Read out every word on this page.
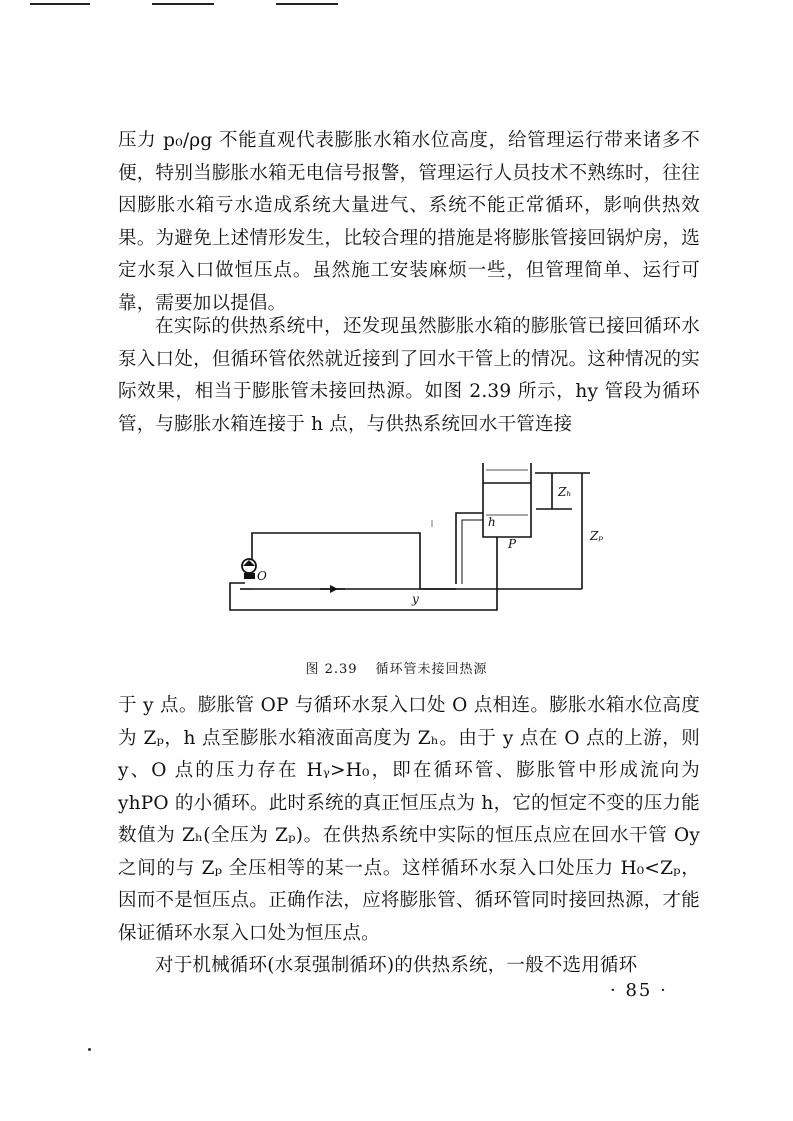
压力 p₀/ρg 不能直观代表膨胀水箱水位高度，给管理运行带来诸多不便，特别当膨胀水箱无电信号报警，管理运行人员技术不熟练时，往往因膨胀水箱亏水造成系统大量进气、系统不能正常循环，影响供热效果。为避免上述情形发生，比较合理的措施是将膨胀管接回锅炉房，选定水泵入口做恒压点。虽然施工安装麻烦一些，但管理简单、运行可靠，需要加以提倡。

在实际的供热系统中，还发现虽然膨胀水箱的膨胀管已接回循环水泵入口处，但循环管依然就近接到了回水干管上的情况。这种情况的实际效果，相当于膨胀管未接回热源。如图 2.39 所示，hy 管段为循环管，与膨胀水箱连接于 h 点，与供热系统回水干管连接

Zₕ
Zₚ
h
P
O
y
图 2.39 循环管未接回热源

于 y 点。膨胀管 OP 与循环水泵入口处 O 点相连。膨胀水箱水位高度为 Zₚ，h 点至膨胀水箱液面高度为 Zₕ。由于 y 点在 O 点的上游，则 y、O 点的压力存在 Hᵧ>H₀，即在循环管、膨胀管中形成流向为 yhPO 的小循环。此时系统的真正恒压点为 h，它的恒定不变的压力能数值为 Zₕ(全压为 Zₚ)。在供热系统中实际的恒压点应在回水干管 Oy 之间的与 Zₚ 全压相等的某一点。这样循环水泵入口处压力 H₀<Zₚ，因而不是恒压点。正确作法，应将膨胀管、循环管同时接回热源，才能保证循环水泵入口处为恒压点。

对于机械循环(水泵强制循环)的供热系统，一般不选用循环

· 85 ·
